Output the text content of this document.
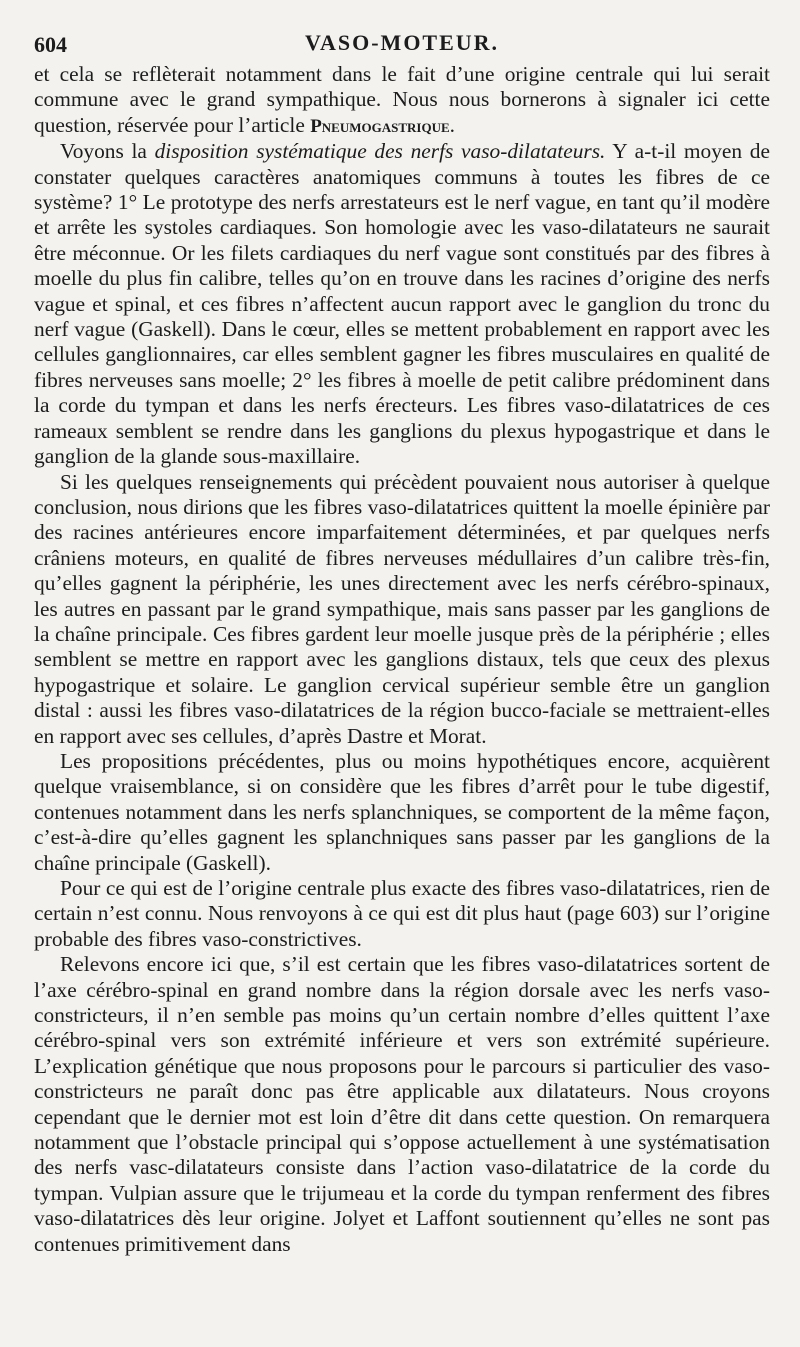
604	VASO-MOTEUR.

et cela se reflèterait notamment dans le fait d’une origine centrale qui lui serait commune avec le grand sympathique. Nous nous bornerons à signaler ici cette question, réservée pour l’article Pneumogastrique.

Voyons la disposition systématique des nerfs vaso-dilatateurs. Y a-t-il moyen de constater quelques caractères anatomiques communs à toutes les fibres de ce système? 1° Le prototype des nerfs arrestateurs est le nerf vague, en tant qu’il modère et arrête les systoles cardiaques. Son homologie avec les vaso-dilatateurs ne saurait être méconnue. Or les filets cardiaques du nerf vague sont constitués par des fibres à moelle du plus fin calibre, telles qu’on en trouve dans les racines d’origine des nerfs vague et spinal, et ces fibres n’affectent aucun rapport avec le ganglion du tronc du nerf vague (Gaskell). Dans le cœur, elles se mettent probablement en rapport avec les cellules ganglionnaires, car elles semblent gagner les fibres musculaires en qualité de fibres nerveuses sans moelle; 2° les fibres à moelle de petit calibre prédominent dans la corde du tympan et dans les nerfs érecteurs. Les fibres vaso-dilatatrices de ces rameaux semblent se rendre dans les ganglions du plexus hypogastrique et dans le ganglion de la glande sous-maxillaire.

Si les quelques renseignements qui précèdent pouvaient nous autoriser à quelque conclusion, nous dirions que les fibres vaso-dilatatrices quittent la moelle épinière par des racines antérieures encore imparfaitement déterminées, et par quelques nerfs crâniens moteurs, en qualité de fibres nerveuses médullaires d’un calibre très-fin, qu’elles gagnent la périphérie, les unes directement avec les nerfs cérébro-spinaux, les autres en passant par le grand sympathique, mais sans passer par les ganglions de la chaîne principale. Ces fibres gardent leur moelle jusque près de la périphérie ; elles semblent se mettre en rapport avec les ganglions distaux, tels que ceux des plexus hypogastrique et solaire. Le ganglion cervical supérieur semble être un ganglion distal : aussi les fibres vaso-dilatatrices de la région bucco-faciale se mettraient-elles en rapport avec ses cellules, d’après Dastre et Morat.

Les propositions précédentes, plus ou moins hypothétiques encore, acquièrent quelque vraisemblance, si on considère que les fibres d’arrêt pour le tube digestif, contenues notamment dans les nerfs splanchniques, se comportent de la même façon, c’est-à-dire qu’elles gagnent les splanchniques sans passer par les ganglions de la chaîne principale (Gaskell).

Pour ce qui est de l’origine centrale plus exacte des fibres vaso-dilatatrices, rien de certain n’est connu. Nous renvoyons à ce qui est dit plus haut (page 603) sur l’origine probable des fibres vaso-constrictives.

Relevons encore ici que, s’il est certain que les fibres vaso-dilatatrices sortent de l’axe cérébro-spinal en grand nombre dans la région dorsale avec les nerfs vaso-constricteurs, il n’en semble pas moins qu’un certain nombre d’elles quittent l’axe cérébro-spinal vers son extrémité inférieure et vers son extrémité supérieure. L’explication génétique que nous proposons pour le parcours si particulier des vaso-constricteurs ne paraît donc pas être applicable aux dilatateurs. Nous croyons cependant que le dernier mot est loin d’être dit dans cette question. On remarquera notamment que l’obstacle principal qui s’oppose actuellement à une systématisation des nerfs vasc-dilatateurs consiste dans l’action vaso-dilatatrice de la corde du tympan. Vulpian assure que le trijumeau et la corde du tympan renferment des fibres vaso-dilatatrices dès leur origine. Jolyet et Laffont soutiennent qu’elles ne sont pas contenues primitivement dans
